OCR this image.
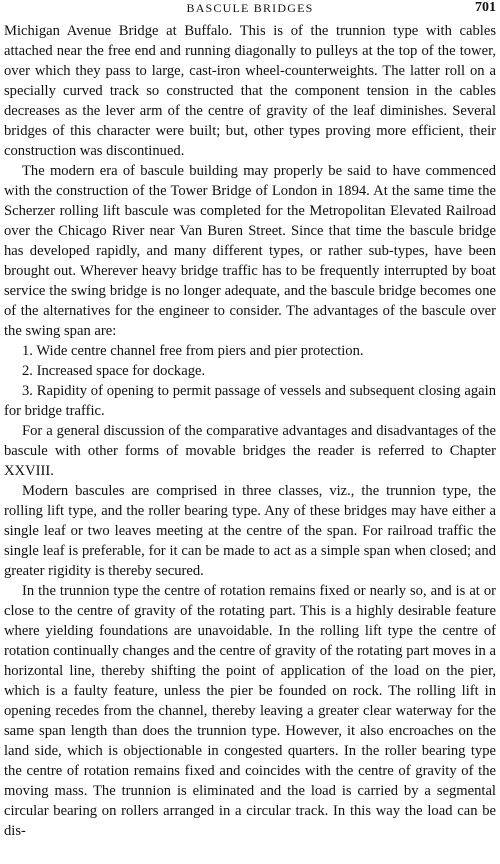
BASCULE BRIDGES	701

Michigan Avenue Bridge at Buffalo. This is of the trunnion type with cables attached near the free end and running diagonally to pulleys at the top of the tower, over which they pass to large, cast-iron wheel-counterweights. The latter roll on a specially curved track so constructed that the component tension in the cables decreases as the lever arm of the centre of gravity of the leaf diminishes. Several bridges of this character were built; but, other types proving more efficient, their construction was discontinued.

The modern era of bascule building may properly be said to have commenced with the construction of the Tower Bridge of London in 1894. At the same time the Scherzer rolling lift bascule was completed for the Metropolitan Elevated Railroad over the Chicago River near Van Buren Street. Since that time the bascule bridge has developed rapidly, and many different types, or rather sub-types, have been brought out. Wherever heavy bridge traffic has to be frequently interrupted by boat service the swing bridge is no longer adequate, and the bascule bridge becomes one of the alternatives for the engineer to consider. The advantages of the bascule over the swing span are:

1. Wide centre channel free from piers and pier protection.

2. Increased space for dockage.

3. Rapidity of opening to permit passage of vessels and subsequent closing again for bridge traffic.

For a general discussion of the comparative advantages and disadvantages of the bascule with other forms of movable bridges the reader is referred to Chapter XXVIII.

Modern bascules are comprised in three classes, viz., the trunnion type, the rolling lift type, and the roller bearing type. Any of these bridges may have either a single leaf or two leaves meeting at the centre of the span. For railroad traffic the single leaf is preferable, for it can be made to act as a simple span when closed; and greater rigidity is thereby secured.

In the trunnion type the centre of rotation remains fixed or nearly so, and is at or close to the centre of gravity of the rotating part. This is a highly desirable feature where yielding foundations are unavoidable. In the rolling lift type the centre of rotation continually changes and the centre of gravity of the rotating part moves in a horizontal line, thereby shifting the point of application of the load on the pier, which is a faulty feature, unless the pier be founded on rock. The rolling lift in opening recedes from the channel, thereby leaving a greater clear waterway for the same span length than does the trunnion type. However, it also encroaches on the land side, which is objectionable in congested quarters. In the roller bearing type the centre of rotation remains fixed and coincides with the centre of gravity of the moving mass. The trunnion is eliminated and the load is carried by a segmental circular bearing on rollers arranged in a circular track. In this way the load can be dis-
